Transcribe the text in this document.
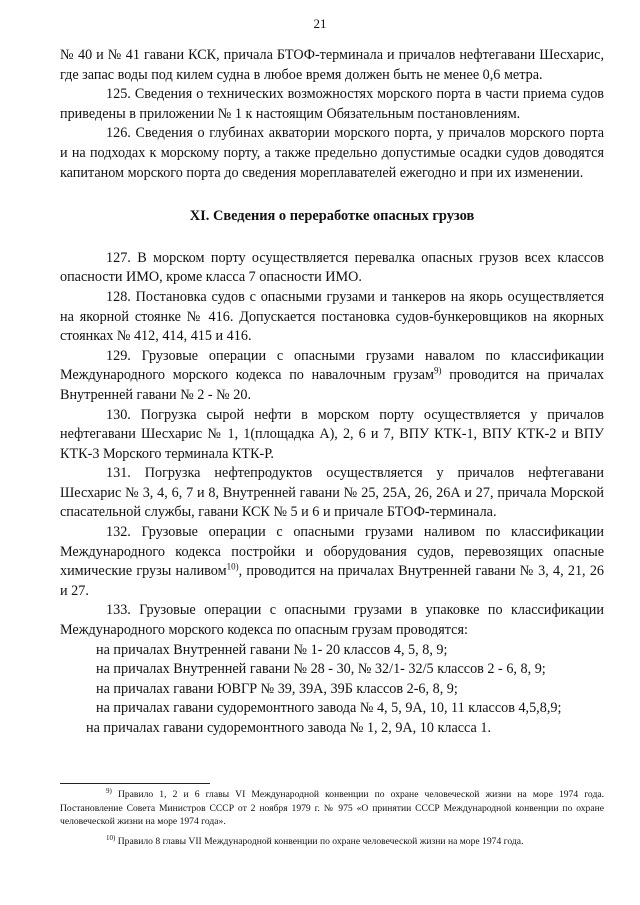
21

№ 40 и № 41 гавани КСК, причала БТОФ-терминала и причалов нефтегавани Шесхарис, где запас воды под килем судна в любое время должен быть не менее 0,6 метра.

125. Сведения о технических возможностях морского порта в части приема судов приведены в приложении № 1 к настоящим Обязательным постановлениям.

126. Сведения о глубинах акватории морского порта, у причалов морского порта и на подходах к морскому порту, а также предельно допустимые осадки судов доводятся капитаном морского порта до сведения мореплавателей ежегодно и при их изменении.

XI. Сведения о переработке опасных грузов

127. В морском порту осуществляется перевалка опасных грузов всех классов опасности ИМО, кроме класса 7 опасности ИМО.

128. Постановка судов с опасными грузами и танкеров на якорь осуществляется на якорной стоянке № 416. Допускается постановка судов-бункеровщиков на якорных стоянках № 412, 414, 415 и 416.

129. Грузовые операции с опасными грузами навалом по классификации Международного морского кодекса по навалочным грузам$^{9)}$ проводится на причалах Внутренней гавани № 2 - № 20.

130. Погрузка сырой нефти в морском порту осуществляется у причалов нефтегавани Шесхарис № 1, 1(площадка А), 2, 6 и 7, ВПУ КТК-1, ВПУ КТК-2 и ВПУ КТК-3 Морского терминала КТК-Р.

131. Погрузка нефтепродуктов осуществляется у причалов нефтегавани Шесхарис № 3, 4, 6, 7 и 8, Внутренней гавани № 25, 25А, 26, 26А и 27, причала Морской спасательной службы, гавани КСК № 5 и 6 и причале БТОФ-терминала.

132. Грузовые операции с опасными грузами наливом по классификации Международного кодекса постройки и оборудования судов, перевозящих опасные химические грузы наливом$^{10)}$, проводится на причалах Внутренней гавани № 3, 4, 21, 26 и 27.

133. Грузовые операции с опасными грузами в упаковке по классификации Международного морского кодекса по опасным грузам проводятся:

на причалах Внутренней гавани № 1- 20 классов 4, 5, 8, 9;

на причалах Внутренней гавани № 28 - 30, № 32/1- 32/5 классов 2 - 6, 8, 9;

на причалах гавани ЮВГР № 39, 39А, 39Б классов 2-6, 8, 9;

на причалах гавани судоремонтного завода № 4, 5, 9А, 10, 11 классов 4,5,8,9;

на причалах гавани судоремонтного завода № 1, 2, 9А, 10 класса 1.

$^{9)}$ Правило 1, 2 и 6 главы VI Международной конвенции по охране человеческой жизни на море 1974 года. Постановление Совета Министров СССР от 2 ноября 1979 г. № 975 «О принятии СССР Международной конвенции по охране человеческой жизни на море 1974 года».

$^{10)}$ Правило 8 главы VII Международной конвенции по охране человеческой жизни на море 1974 года.
